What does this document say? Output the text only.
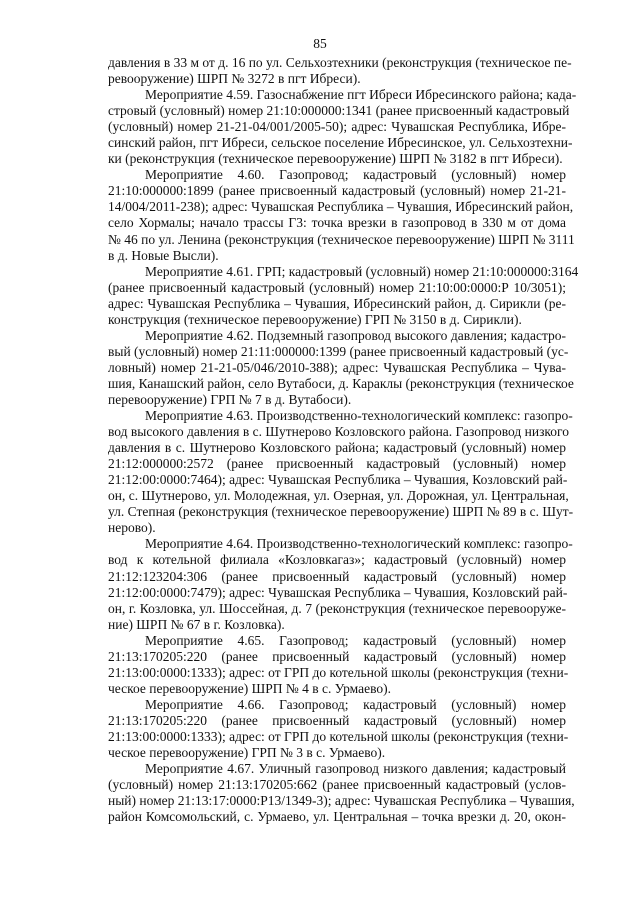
85
давления в 33 м от д. 16 по ул. Сельхозтехники (реконструкция (техническое пе-
ревооружение) ШРП № 3272 в пгт Ибреси).
Мероприятие 4.59. Газоснабжение пгт Ибреси Ибресинского района; када-
стровый (условный) номер 21:10:000000:1341 (ранее присвоенный кадастровый
(условный) номер 21-21-04/001/2005-50); адрес: Чувашская Республика, Ибре-
синский район, пгт Ибреси, сельское поселение Ибресинское, ул. Сельхозтехни-
ки (реконструкция (техническое перевооружение) ШРП № 3182 в пгт Ибреси).
Мероприятие 4.60. Газопровод; кадастровый (условный) номер
21:10:000000:1899 (ранее присвоенный кадастровый (условный) номер 21-21-
14/004/2011-238); адрес: Чувашская Республика – Чувашия, Ибресинский район,
село Хормалы; начало трассы Г3: точка врезки в газопровод в 330 м от дома
№ 46 по ул. Ленина (реконструкция (техническое перевооружение) ШРП № 3111
в д. Новые Высли).
Мероприятие 4.61. ГРП; кадастровый (условный) номер 21:10:000000:3164
(ранее присвоенный кадастровый (условный) номер 21:10:00:0000:Р 10/3051);
адрес: Чувашская Республика – Чувашия, Ибресинский район, д. Сирикли (ре-
конструкция (техническое перевооружение) ГРП № 3150 в д. Сирикли).
Мероприятие 4.62. Подземный газопровод высокого давления; кадастро-
вый (условный) номер 21:11:000000:1399 (ранее присвоенный кадастровый (ус-
ловный) номер 21-21-05/046/2010-388); адрес: Чувашская Республика – Чува-
шия, Канашский район, село Вутабоси, д. Караклы (реконструкция (техническое
перевооружение) ГРП № 7 в д. Вутабоси).
Мероприятие 4.63. Производственно-технологический комплекс: газопро-
вод высокого давления в с. Шутнерово Козловского района. Газопровод низкого
давления в с. Шутнерово Козловского района; кадастровый (условный) номер
21:12:000000:2572 (ранее присвоенный кадастровый (условный) номер
21:12:00:0000:7464); адрес: Чувашская Республика – Чувашия, Козловский рай-
он, с. Шутнерово, ул. Молодежная, ул. Озерная, ул. Дорожная, ул. Центральная,
ул. Степная (реконструкция (техническое перевооружение) ШРП № 89 в с. Шут-
нерово).
Мероприятие 4.64. Производственно-технологический комплекс: газопро-
вод к котельной филиала «Козловкагаз»; кадастровый (условный) номер
21:12:123204:306 (ранее присвоенный кадастровый (условный) номер
21:12:00:0000:7479); адрес: Чувашская Республика – Чувашия, Козловский рай-
он, г. Козловка, ул. Шоссейная, д. 7 (реконструкция (техническое перевооруже-
ние) ШРП № 67 в г. Козловка).
Мероприятие 4.65. Газопровод; кадастровый (условный) номер
21:13:170205:220 (ранее присвоенный кадастровый (условный) номер
21:13:00:0000:1333); адрес: от ГРП до котельной школы (реконструкция (техни-
ческое перевооружение) ШРП № 4 в с. Урмаево).
Мероприятие 4.66. Газопровод; кадастровый (условный) номер
21:13:170205:220 (ранее присвоенный кадастровый (условный) номер
21:13:00:0000:1333); адрес: от ГРП до котельной школы (реконструкция (техни-
ческое перевооружение) ГРП № 3 в с. Урмаево).
Мероприятие 4.67. Уличный газопровод низкого давления; кадастровый
(условный) номер 21:13:170205:662 (ранее присвоенный кадастровый (услов-
ный) номер 21:13:17:0000:Р13/1349-3); адрес: Чувашская Республика – Чувашия,
район Комсомольский, с. Урмаево, ул. Центральная – точка врезки д. 20, окон-
